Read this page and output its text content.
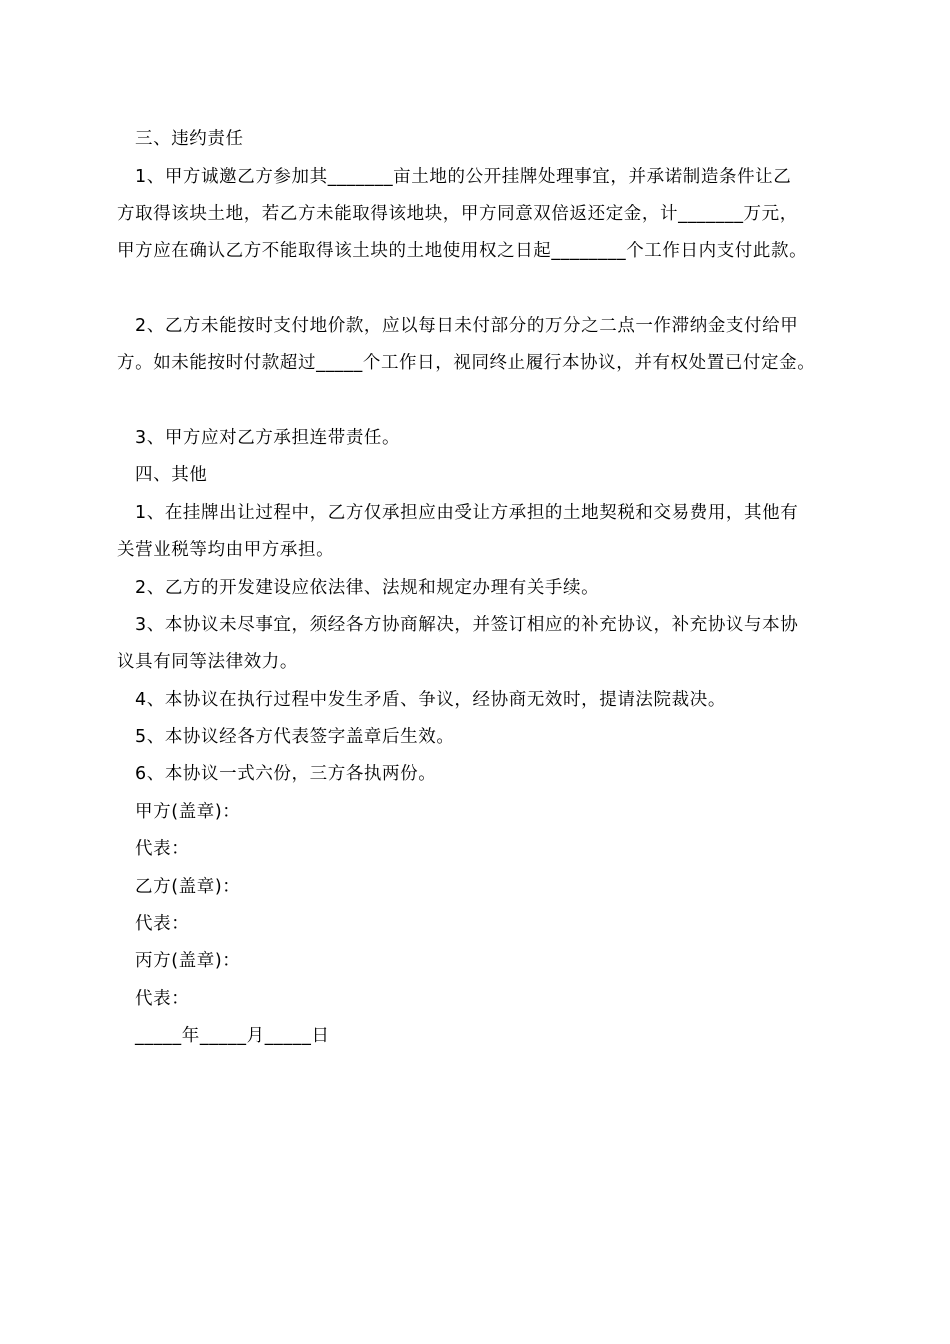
三、违约责任
1、甲方诚邀乙方参加其_______亩土地的公开挂牌处理事宜，并承诺制造条件让乙
方取得该块土地，若乙方未能取得该地块，甲方同意双倍返还定金，计_______万元，
甲方应在确认乙方不能取得该土块的土地使用权之日起________个工作日内支付此款。
2、乙方未能按时支付地价款，应以每日未付部分的万分之二点一作滞纳金支付给甲
方。如未能按时付款超过_____个工作日，视同终止履行本协议，并有权处置已付定金。
3、甲方应对乙方承担连带责任。
四、其他
1、在挂牌出让过程中，乙方仅承担应由受让方承担的土地契税和交易费用，其他有
关营业税等均由甲方承担。
2、乙方的开发建设应依法律、法规和规定办理有关手续。
3、本协议未尽事宜，须经各方协商解决，并签订相应的补充协议，补充协议与本协
议具有同等法律效力。
4、本协议在执行过程中发生矛盾、争议，经协商无效时，提请法院裁决。
5、本协议经各方代表签字盖章后生效。
6、本协议一式六份，三方各执两份。
甲方(盖章)：
代表：
乙方(盖章)：
代表：
丙方(盖章)：
代表：
_____年_____月_____日
